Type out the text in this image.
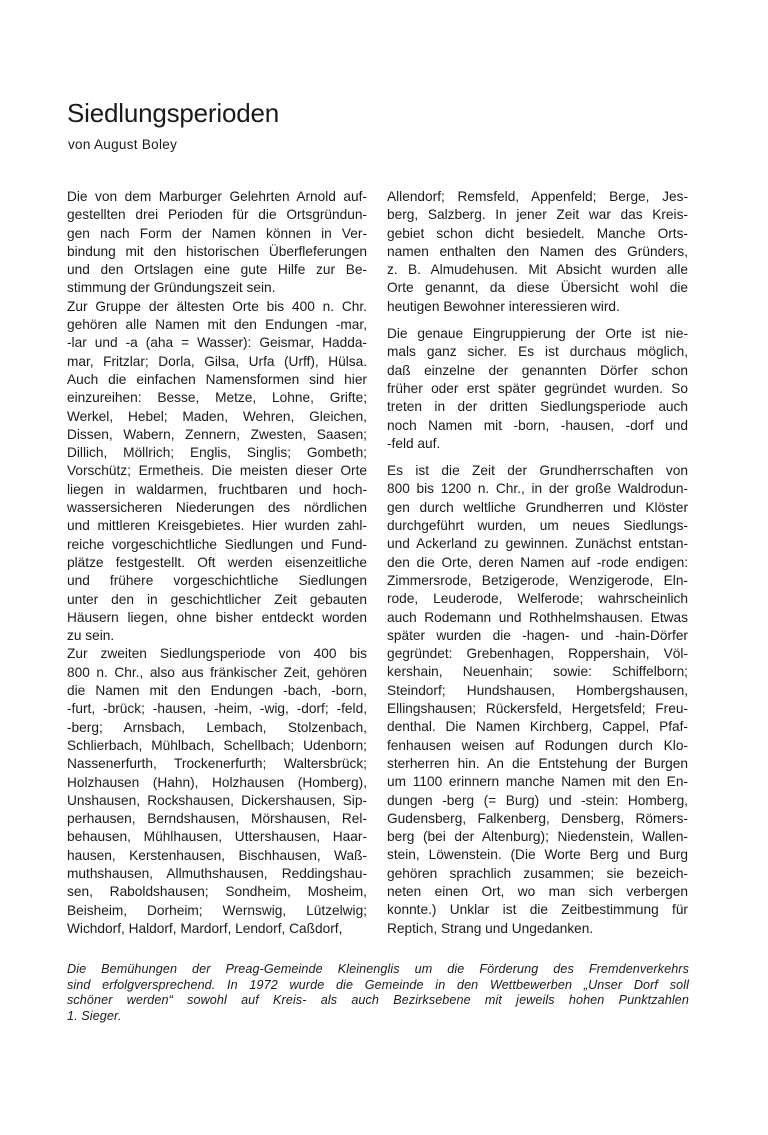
Siedlungsperioden
von August Boley

Die von dem Marburger Gelehrten Arnold auf-

gestellten drei Perioden für die Ortsgründun-

gen nach Form der Namen können in Ver-

bindung mit den historischen Überfleferungen

und den Ortslagen eine gute Hilfe zur Be-

stimmung der Gründungszeit sein.

Zur Gruppe der ältesten Orte bis 400 n. Chr.

gehören alle Namen mit den Endungen -mar,

-lar und -a (aha = Wasser): Geismar, Hadda-

mar, Fritzlar; Dorla, Gilsa, Urfa (Urff), Hülsa.

Auch die einfachen Namensformen sind hier

einzureihen: Besse, Metze, Lohne, Grifte;

Werkel, Hebel; Maden, Wehren, Gleichen,

Dissen, Wabern, Zennern, Zwesten, Saasen;

Dillich, Möllrich; Englis, Singlis; Gombeth;

Vorschütz; Ermetheis. Die meisten dieser Orte

liegen in waldarmen, fruchtbaren und hoch-

wassersicheren Niederungen des nördlichen

und mittleren Kreisgebietes. Hier wurden zahl-

reiche vorgeschichtliche Siedlungen und Fund-

plätze festgestellt. Oft werden eisenzeitliche

und frühere vorgeschichtliche Siedlungen

unter den in geschichtlicher Zeit gebauten

Häusern liegen, ohne bisher entdeckt worden

zu sein.

Zur zweiten Siedlungsperiode von 400 bis

800 n. Chr., also aus fränkischer Zeit, gehören

die Namen mit den Endungen -bach, -born,

-furt, -brück; -hausen, -heim, -wig, -dorf; -feld,

-berg; Arnsbach, Lembach, Stolzenbach,

Schlierbach, Mühlbach, Schellbach; Udenborn;

Nassenerfurth, Trockenerfurth; Waltersbrück;

Holzhausen (Hahn), Holzhausen (Homberg),

Unshausen, Rockshausen, Dickershausen, Sip-

perhausen, Berndshausen, Mörshausen, Rel-

behausen, Mühlhausen, Uttershausen, Haar-

hausen, Kerstenhausen, Bischhausen, Waß-

muthshausen, Allmuthshausen, Reddingshau-

sen, Raboldshausen; Sondheim, Mosheim,

Beisheim, Dorheim; Wernswig, Lützelwig;

Wichdorf, Haldorf, Mardorf, Lendorf, Caßdorf,

Allendorf; Remsfeld, Appenfeld; Berge, Jes-

berg, Salzberg. In jener Zeit war das Kreis-

gebiet schon dicht besiedelt. Manche Orts-

namen enthalten den Namen des Gründers,

z. B. Almudehusen. Mit Absicht wurden alle

Orte genannt, da diese Übersicht wohl die

heutigen Bewohner interessieren wird.

Die genaue Eingruppierung der Orte ist nie-

mals ganz sicher. Es ist durchaus möglich,

daß einzelne der genannten Dörfer schon

früher oder erst später gegründet wurden. So

treten in der dritten Siedlungsperiode auch

noch Namen mit -born, -hausen, -dorf und

-feld auf.

Es ist die Zeit der Grundherrschaften von

800 bis 1200 n. Chr., in der große Waldrodun-

gen durch weltliche Grundherren und Klöster

durchgeführt wurden, um neues Siedlungs-

und Ackerland zu gewinnen. Zunächst entstan-

den die Orte, deren Namen auf -rode endigen:

Zimmersrode, Betzigerode, Wenzigerode, Eln-

rode, Leuderode, Welferode; wahrscheinlich

auch Rodemann und Rothhelmshausen. Etwas

später wurden die -hagen- und -hain-Dörfer

gegründet: Grebenhagen, Roppershain, Völ-

kershain, Neuenhain; sowie: Schiffelborn;

Steindorf; Hundshausen, Hombergshausen,

Ellingshausen; Rückersfeld, Hergetsfeld; Freu-

denthal. Die Namen Kirchberg, Cappel, Pfaf-

fenhausen weisen auf Rodungen durch Klo-

sterherren hin. An die Entstehung der Burgen

um 1100 erinnern manche Namen mit den En-

dungen -berg (= Burg) und -stein: Homberg,

Gudensberg, Falkenberg, Densberg, Römers-

berg (bei der Altenburg); Niedenstein, Wallen-

stein, Löwenstein. (Die Worte Berg und Burg

gehören sprachlich zusammen; sie bezeich-

neten einen Ort, wo man sich verbergen

konnte.) Unklar ist die Zeitbestimmung für

Reptich, Strang und Ungedanken.

Die Bemühungen der Preag-Gemeinde Kleinenglis um die Förderung des Fremdenverkehrs
sind erfolgversprechend. In 1972 wurde die Gemeinde in den Wettbewerben „Unser Dorf soll
schöner werden“ sowohl auf Kreis- als auch Bezirksebene mit jeweils hohen Punktzahlen
1. Sieger.
